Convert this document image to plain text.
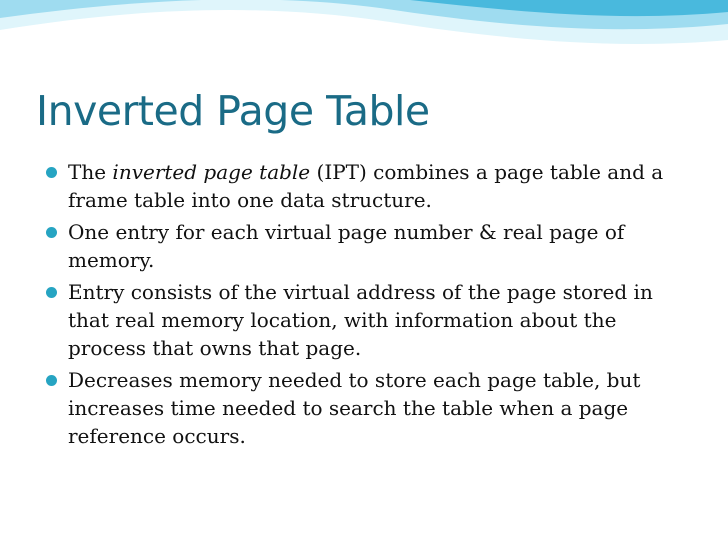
Inverted Page Table
The inverted page table (IPT) combines a page table and a frame table into one data structure.
One entry for each virtual page number & real page of memory.
Entry consists of the virtual address of the page stored in that real memory location, with information about the process that owns that page.
Decreases memory needed to store each page table, but increases time needed to search the table when a page reference occurs.
